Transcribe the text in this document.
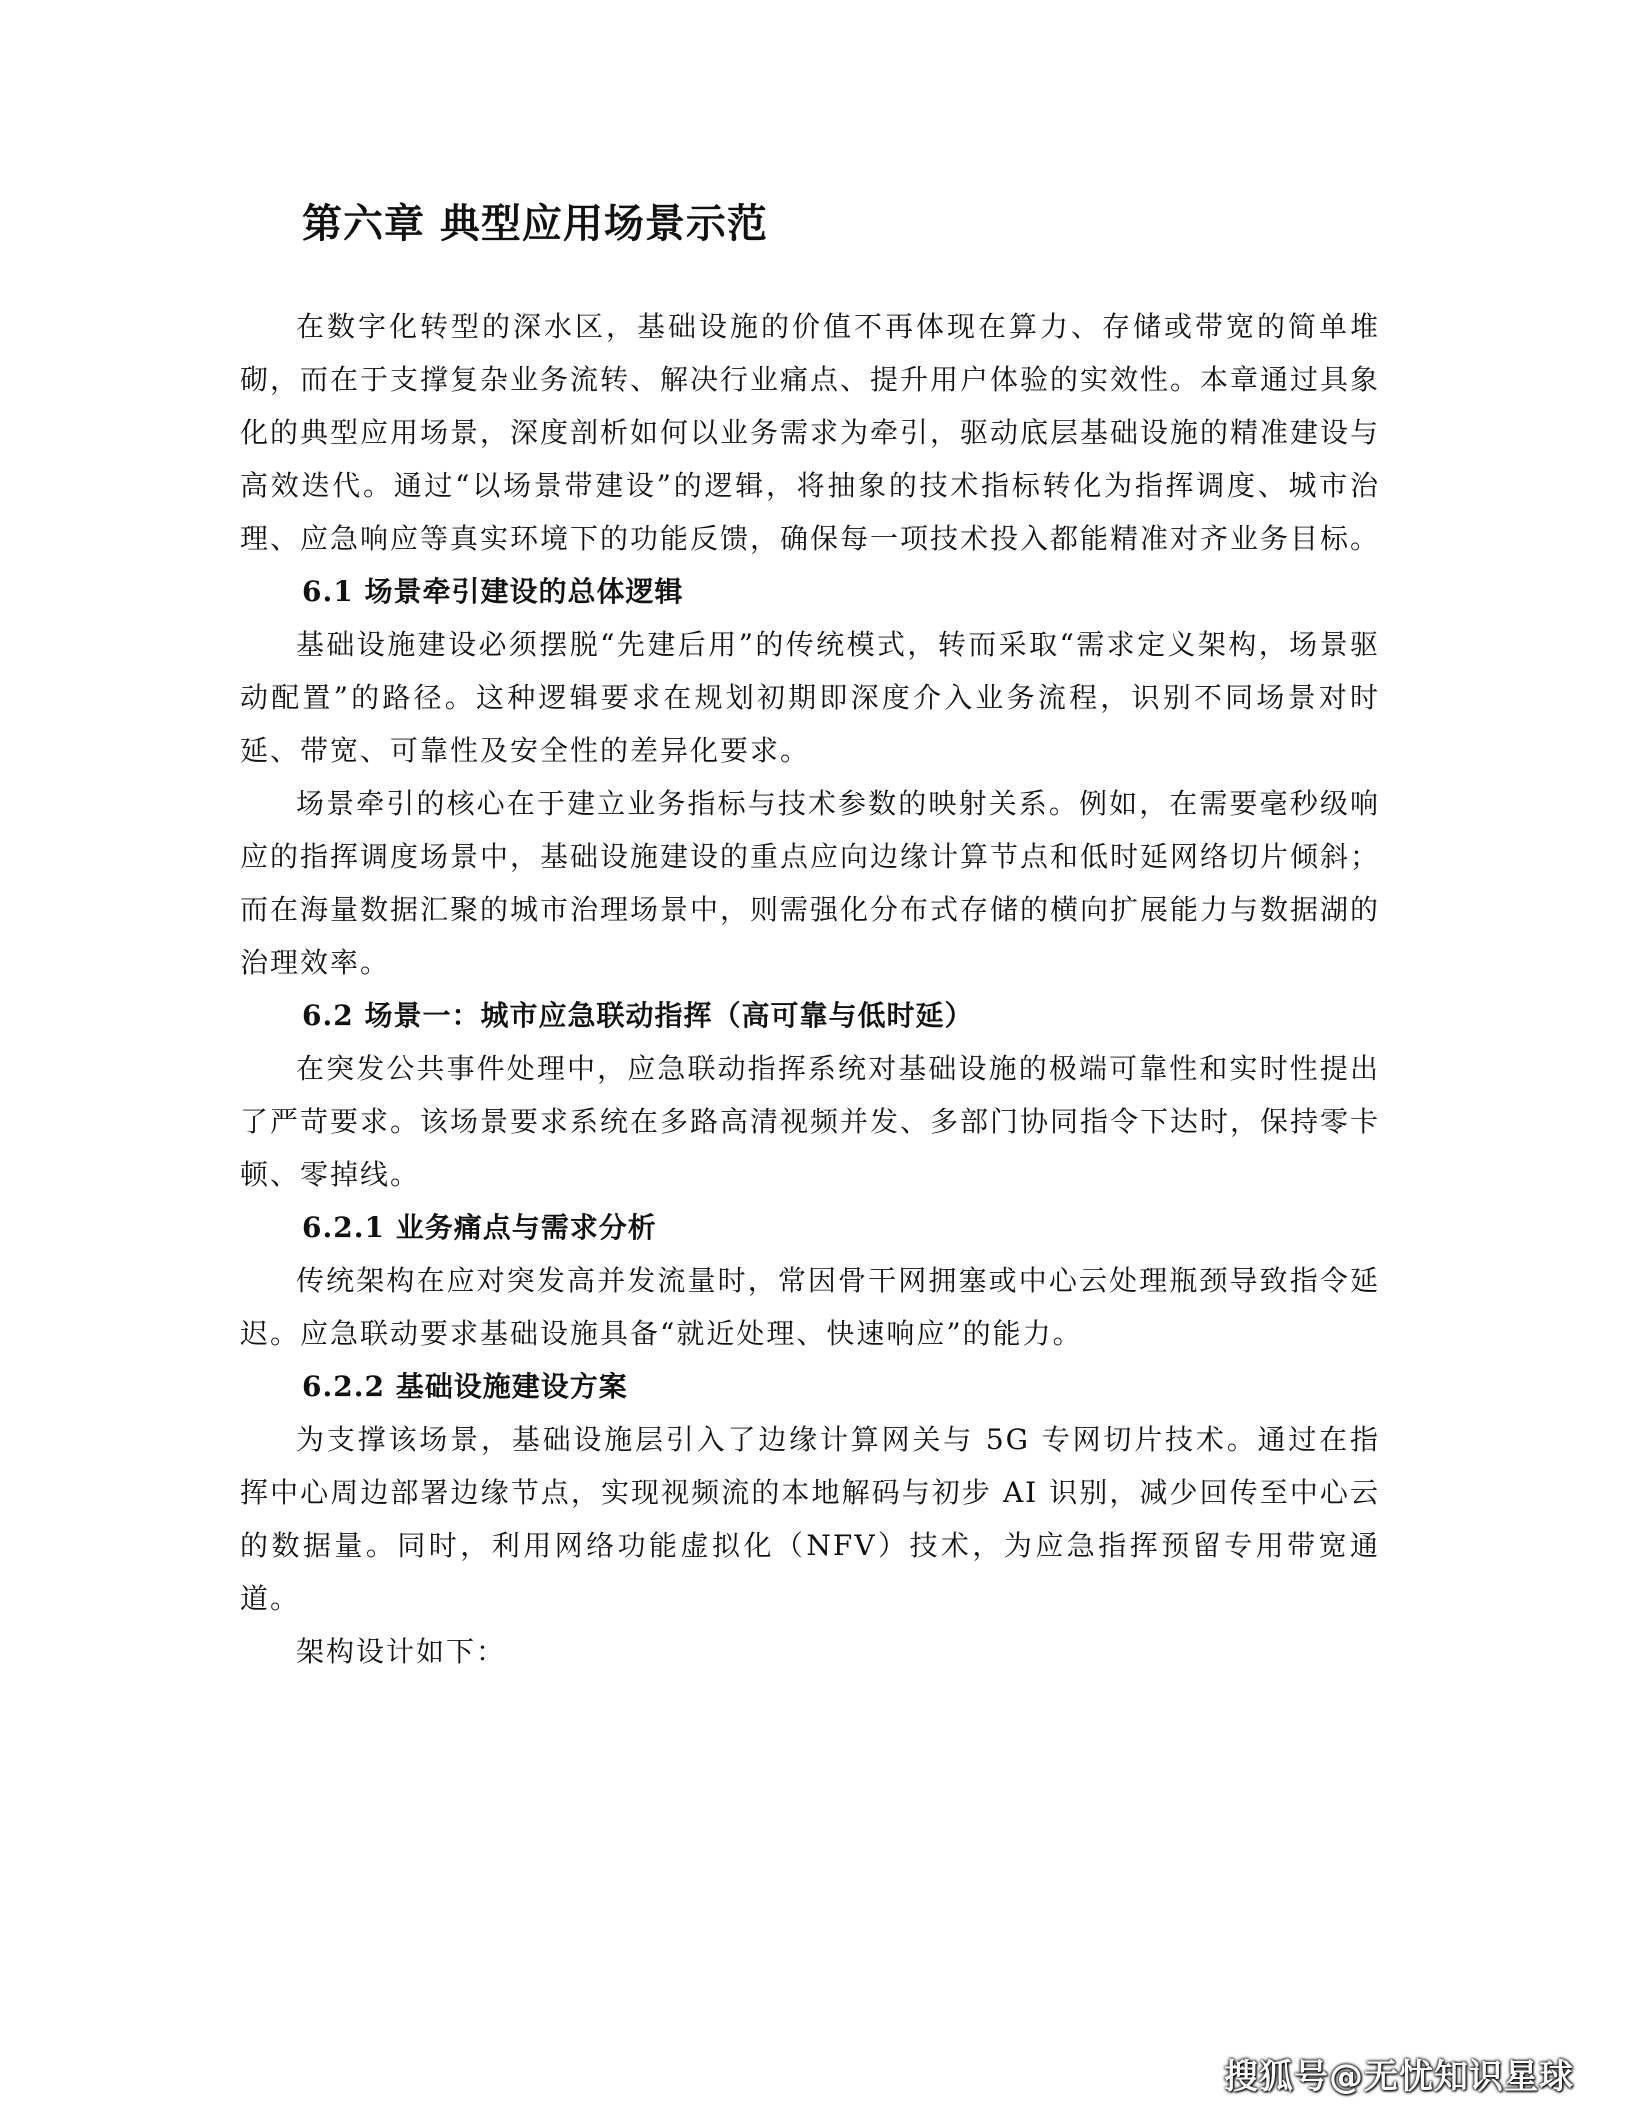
第六章 典型应用场景示范

在数字化转型的深水区，基础设施的价值不再体现在算力、存储或带宽的简单堆砌，而在于支撑复杂业务流转、解决行业痛点、提升用户体验的实效性。本章通过具象化的典型应用场景，深度剖析如何以业务需求为牵引，驱动底层基础设施的精准建设与高效迭代。通过“以场景带建设”的逻辑，将抽象的技术指标转化为指挥调度、城市治理、应急响应等真实环境下的功能反馈，确保每一项技术投入都能精准对齐业务目标。

6.1 场景牵引建设的总体逻辑

基础设施建设必须摆脱“先建后用”的传统模式，转而采取“需求定义架构，场景驱动配置”的路径。这种逻辑要求在规划初期即深度介入业务流程，识别不同场景对时延、带宽、可靠性及安全性的差异化要求。

场景牵引的核心在于建立业务指标与技术参数的映射关系。例如，在需要毫秒级响应的指挥调度场景中，基础设施建设的重点应向边缘计算节点和低时延网络切片倾斜；而在海量数据汇聚的城市治理场景中，则需强化分布式存储的横向扩展能力与数据湖的治理效率。

6.2 场景一：城市应急联动指挥（高可靠与低时延）

在突发公共事件处理中，应急联动指挥系统对基础设施的极端可靠性和实时性提出了严苛要求。该场景要求系统在多路高清视频并发、多部门协同指令下达时，保持零卡顿、零掉线。

6.2.1 业务痛点与需求分析

传统架构在应对突发高并发流量时，常因骨干网拥塞或中心云处理瓶颈导致指令延迟。应急联动要求基础设施具备“就近处理、快速响应”的能力。

6.2.2 基础设施建设方案

为支撑该场景，基础设施层引入了边缘计算网关与 5G 专网切片技术。通过在指挥中心周边部署边缘节点，实现视频流的本地解码与初步 AI 识别，减少回传至中心云的数据量。同时，利用网络功能虚拟化（NFV）技术，为应急指挥预留专用带宽通道。

架构设计如下：

搜狐号@无忧知识星球
